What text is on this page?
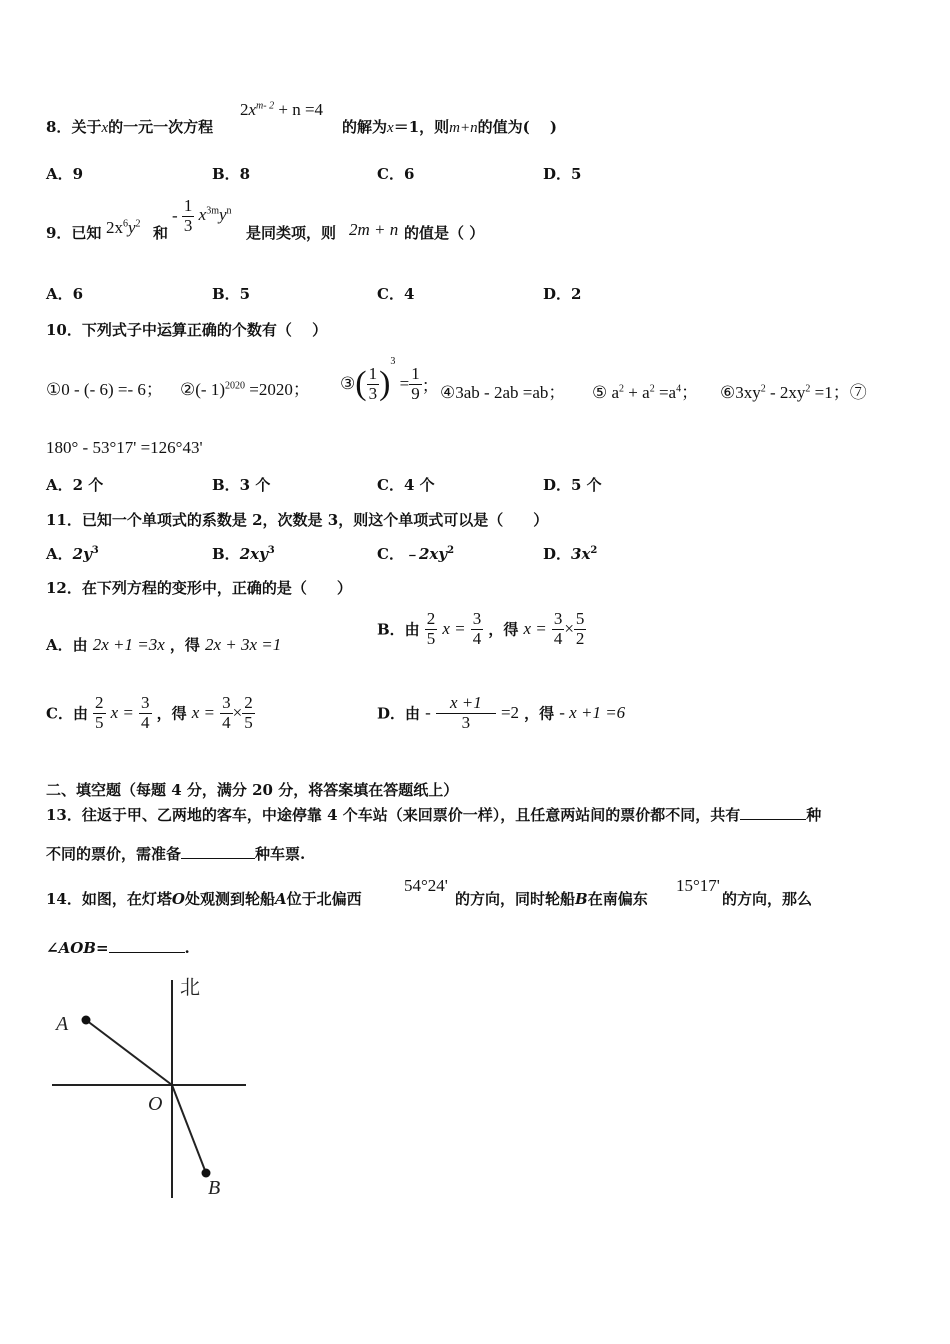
8．关于x的一元一次方程
$2x^{m- 2} + n =4$
的解为x＝1，则m+n的值为(　 )
A．9	B．8	C．6	D．5
9．已知 $2x^6y^2$
和
- $\frac{1}{3} x^{3m}y^n$
是同类项，则 2m + n 的值是（ ）
A．6	B．5	C．4	D．2
10．下列式子中运算正确的个数有（　 ）
①0 - (- 6) =- 6； ②(- 1)$^{2020}$ =2020； ③( $\frac{1}{3} )^3 = \frac{1}{9}$ ； ④3ab - 2ab =ab； ⑤ $a^2 + a^2 =a^4$； $⑥3xy^2 - 2xy^2 =1$；⑦
180° - 53°17' =126°43'
A．2 个	B．3 个	C．4 个	D．5 个
11．已知一个单项式的系数是 2，次数是 3，则这个单项式可以是（　　）
A．$2y^3$	B．$2xy^3$	C．$﹣2xy^2$	D．$3x^2$
12．在下列方程的变形中，正确的是（　　）
A．由 2x +1 =3x ，得 2x + 3x =1
B．由 $\frac{2}{5}$ $x = \frac{3}{4}$ ，得 $x = \frac{3}{4} \times \frac{5}{2}$
C．由 $\frac{2}{5}$ $x = \frac{3}{4}$ ，得 $x = \frac{3}{4} \times \frac{2}{5}$	D．由 - $\frac{x +1}{3} =2$ ，得 - x +1 =6
二、填空题（每题 4 分，满分 20 分，将答案填在答题纸上）
13．往返于甲、乙两地的客车，中途停靠 4 个车站（来回票价一样），且任意两站间的票价都不同，共有	种
不同的票价，需准备	种车票.
14．如图，在灯塔O处观测到轮船A位于北偏西
54°24'
的方向，同时轮船B在南偏东
15°17'
的方向，那么
∠AOB=	.
北
A
O
B
